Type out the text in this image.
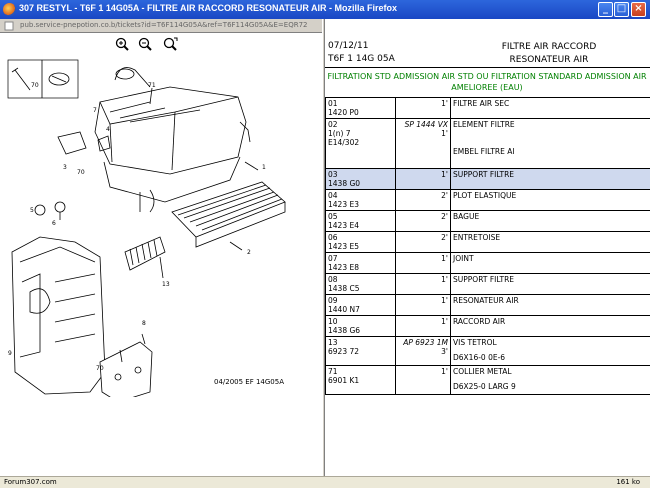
307 RESTYL - T6F 1 14G05A - FILTRE AIR RACCORD RESONATEUR AIR - Mozilla Firefox	_ □ ×
pub.service-pnepotion.co.b/tickets?id=T6F114G05A&ref=T6F114G05A&E=EQR72
70	71
7
4
3
70
1
5
6
2
13
8
9
70
04/2005 EF 14G05A
07/12/11
T6F 1 14G 05A
FILTRE AIR RACCORD
RESONATEUR AIR
FILTRATION STD ADMISSION AIR STD OU FILTRATION STANDARD ADMISSION AIR AMELIOREE (EAU)
01
1420 P0	1'	FILTRE AIR SEC

02
1(n) 7
E14/302	SP 1444 VX
1'	ELEMENT FILTRE
EMBEL FILTRE AI

03
1438 G0	1'	SUPPORT FILTRE

04
1423 E3	2'	PLOT ELASTIQUE

05
1423 E4	2'	BAGUE

06
1423 E5	2'	ENTRETOISE

07
1423 E8	1'	JOINT

08
1438 C5	1'	SUPPORT FILTRE

09
1440 N7	1'	RESONATEUR AIR

10
1438 G6	1'	RACCORD AIR

13
6923 72	AP 6923 1M
3'	VIS TETROL
D6X16-0 0E-6

71
6901 K1	1'	COLLIER METAL
D6X25-0 LARG 9
Forum307.com	161 ko
